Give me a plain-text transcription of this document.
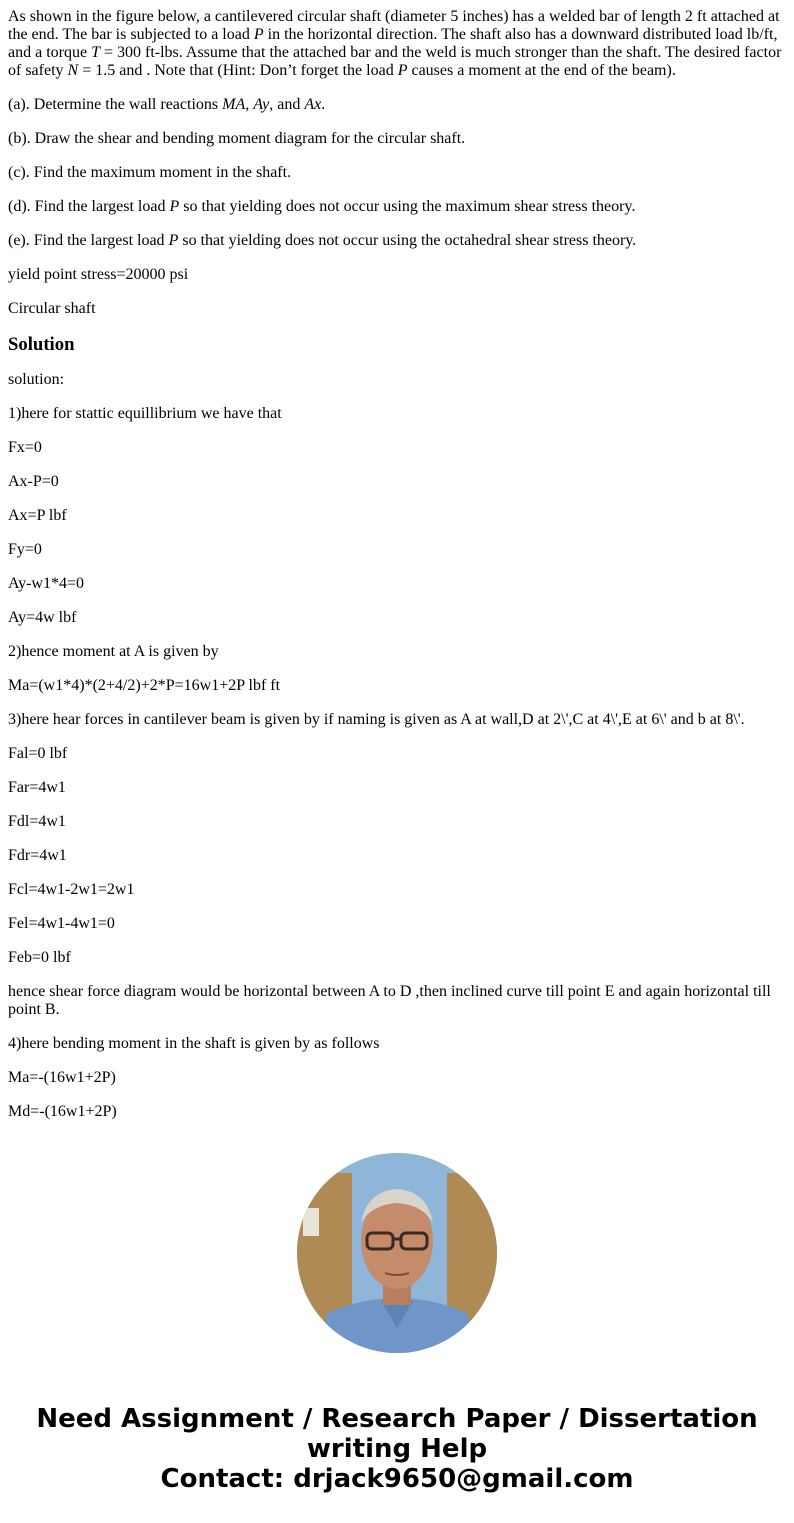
As shown in the figure below, a cantilevered circular shaft (diameter 5 inches) has a welded bar of length 2 ft attached at the end. The bar is subjected to a load P in the horizontal direction. The shaft also has a downward distributed load lb/ft, and a torque T = 300 ft-lbs. Assume that the attached bar and the weld is much stronger than the shaft. The desired factor of safety N = 1.5 and . Note that (Hint: Don’t forget the load P causes a moment at the end of the beam).

(a). Determine the wall reactions MA, Ay, and Ax.

(b). Draw the shear and bending moment diagram for the circular shaft.

(c). Find the maximum moment in the shaft.

(d). Find the largest load P so that yielding does not occur using the maximum shear stress theory.

(e). Find the largest load P so that yielding does not occur using the octahedral shear stress theory.

yield point stress=20000 psi

Circular shaft

Solution

solution:

1)here for stattic equillibrium we have that

Fx=0

Ax-P=0

Ax=P lbf

Fy=0

Ay-w1*4=0

Ay=4w lbf

2)hence moment at A is given by

Ma=(w1*4)*(2+4/2)+2*P=16w1+2P lbf ft

3)here hear forces in cantilever beam is given by if naming is given as A at wall,D at 2\',C at 4\',E at 6\' and b at 8\'.

Fal=0 lbf

Far=4w1

Fdl=4w1

Fdr=4w1

Fcl=4w1-2w1=2w1

Fel=4w1-4w1=0

Feb=0 lbf

hence shear force diagram would be horizontal between A to D ,then inclined curve till point E and again horizontal till point B.

4)here bending moment in the shaft is given by as follows

Ma=-(16w1+2P)

Md=-(16w1+2P)

Need Assignment / Research Paper / Dissertation
writing Help
Contact: drjack9650@gmail.com
